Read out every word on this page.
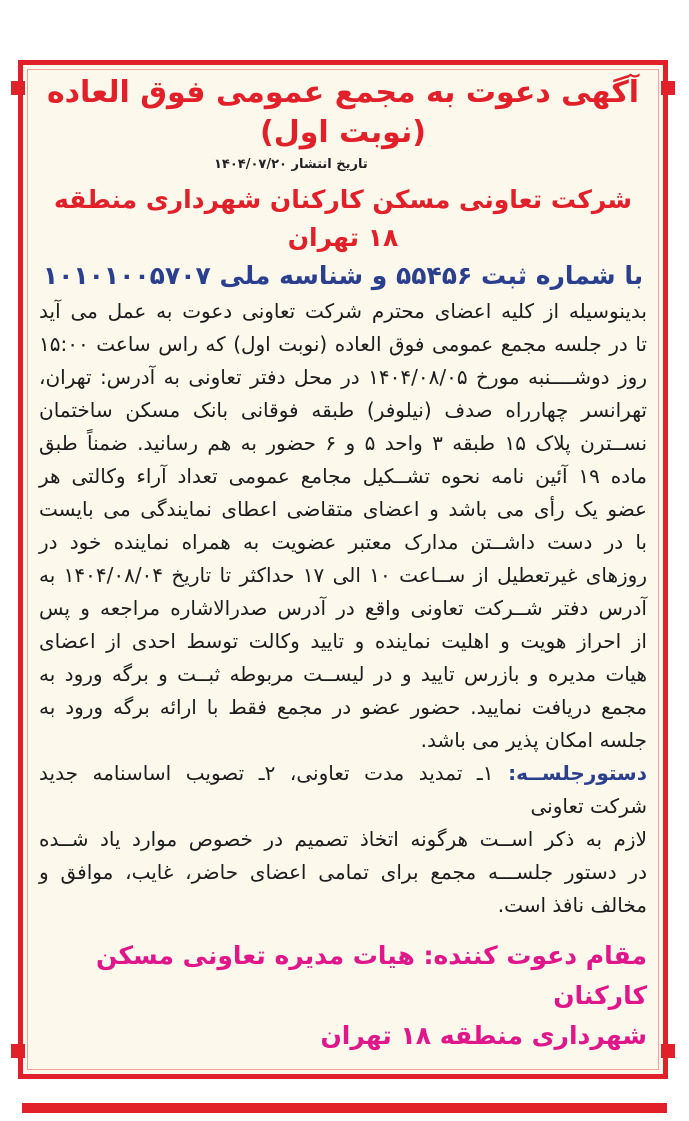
آگهی دعوت به مجمع عمومی فوق العاده
(نوبت اول)
تاریخ انتشار ۱۴۰۴/۰۷/۲۰
شرکت تعاونی مسکن کارکنان شهرداری منطقه ۱۸ تهران
با شماره ثبت ۵۵۴۵۶ و شناسه ملی ۱۰۱۰۱۰۰۵۷۰۷
بدینوسیله از کلیه اعضای محترم شرکت تعاونی دعوت به عمل می آید
تا در جلسه مجمع عمومی فوق العاده (نوبت اول) که راس ساعت ۱۵:۰۰
روز دوشــــنبه مورخ ۱۴۰۴/۰۸/۰۵ در محل دفتر تعاونی به آدرس: تهران،
تهرانسر چهارراه صدف (نیلوفر) طبقه فوقانی بانک مسکن ساختمان
نســترن پلاک ۱۵ طبقه ۳ واحد ۵ و ۶ حضور به هم رسانید. ضمناً طبق
ماده ۱۹ آئین نامه نحوه تشــکیل مجامع عمومی تعداد آراء وکالتی هر
عضو یک رأی می باشد و اعضای متقاضی اعطای نمایندگی می بایست
با در دست داشــتن مدارک معتبر عضویت به همراه نماینده خود در
روزهای غیرتعطیل از ســاعت ۱۰ الی ۱۷ حداکثر تا تاریخ ۱۴۰۴/۰۸/۰۴ به
آدرس دفتر شــرکت تعاونی واقع در آدرس صدرالاشاره مراجعه و پس
از احراز هویت و اهلیت نماینده و تایید وکالت توسط احدی از اعضای
هیات مدیره و بازرس تایید و در لیســت مربوطه ثبــت و برگه ورود به
مجمع دریافت نمایید. حضور عضو در مجمع فقط با ارائه برگه ورود به
جلسه امکان پذیر می باشد.
دستورجلســه: ۱ـ تمدید مدت تعاونی، ۲ـ تصویب اساسنامه جدید
شرکت تعاونی
لازم به ذکر اســت هرگونه اتخاذ تصمیم در خصوص موارد یاد شــده
در دستور جلســـه مجمع برای تمامی اعضای حاضر، غایب، موافق و
مخالف نافذ است.
مقام دعوت کننده: هیات مدیره تعاونی مسکن کارکنان
شهرداری منطقه ۱۸ تهران
